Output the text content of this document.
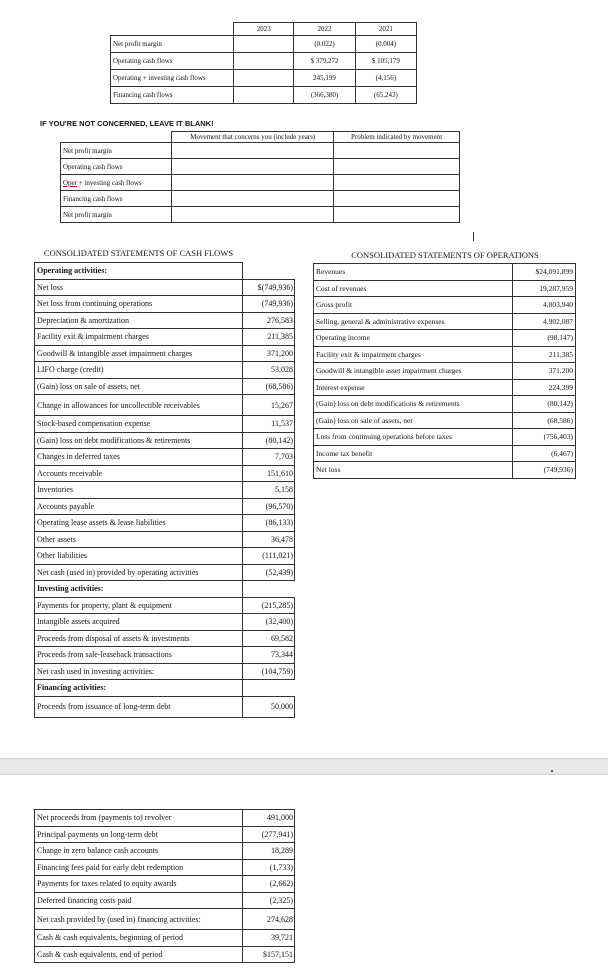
	2023	2022	2021
Net profit margin		(0.022)	(0.004)
Operating cash flows		$ 379,272	$ 105,179
Operating + investing cash flows		245,199	(4,156)
Financing cash flows		(366,380)	(65,243)
IF YOU'RE NOT CONCERNED, LEAVE IT BLANK!
	Movement that concerns you (include years)	Problem indicated by movement
Net profit margin		
Operating cash flows		
Oper + investing cash flows		
Financing cash flows		
Net profit margin		
CONSOLIDATED STATEMENTS OF CASH FLOWS
Operating activities:	
Net loss	$(749,936)
Net loss from continuing operations	(749,936)
Depreciation & amortization	276,583
Facility exit & impairment charges	211,385
Goodwill & intangible asset impairment charges	371,200
LIFO charge (credit)	53,028
(Gain) loss on sale of assets, net	(68,586)
Change in allowances for uncollectible receivables	15,267
Stock-based compensation expense	11,537
(Gain) loss on debt modifications & retirements	(80,142)
Changes in deferred taxes	7,703
Accounts receivable	151,610
Inventories	5,158
Accounts payable	(96,570)
Operating lease assets & lease liabilities	(86,133)
Other assets	36,478
Other liabilities	(111,021)
Net cash (used in) provided by operating activities	(52,439)
Investing activities:	
Payments for property, plant & equipment	(215,285)
Intangible assets acquired	(32,400)
Proceeds from disposal of assets & investments	69,582
Proceeds from sale-leaseback transactions	73,344
Net cash used in investing activities:	(104,759)
Financing activities:	
Proceeds from issuance of long-term debt	50,000
CONSOLIDATED STATEMENTS OF OPERATIONS
Revenues	$24,091,899
Cost of revenues	19,287,959
Gross profit	4,803,940
Selling, general & administrative expenses	4,902,087
Operating income	(98,147)
Facility exit & impairment charges	211,385
Goodwill & intangible asset impairment charges	371,200
Interest expense	224,399
(Gain) loss on debt modifications & retirements	(80,142)
(Gain) loss on sale of assets, net	(68,586)
Loss from continuing operations before taxes	(756,403)
Income tax benefit	(6,467)
Net loss	(749,936)
Net proceeds from (payments to) revolver	491,000
Principal payments on long-term debt	(277,941)
Change in zero balance cash accounts	18,289
Financing fees paid for early debt redemption	(1,733)
Payments for taxes related to equity awards	(2,662)
Deferred financing costs paid	(2,325)
Net cash provided by (used in) financing activities:	274,628
Cash & cash equivalents, beginning of period	39,721
Cash & cash equivalents, end of period	$157,151
